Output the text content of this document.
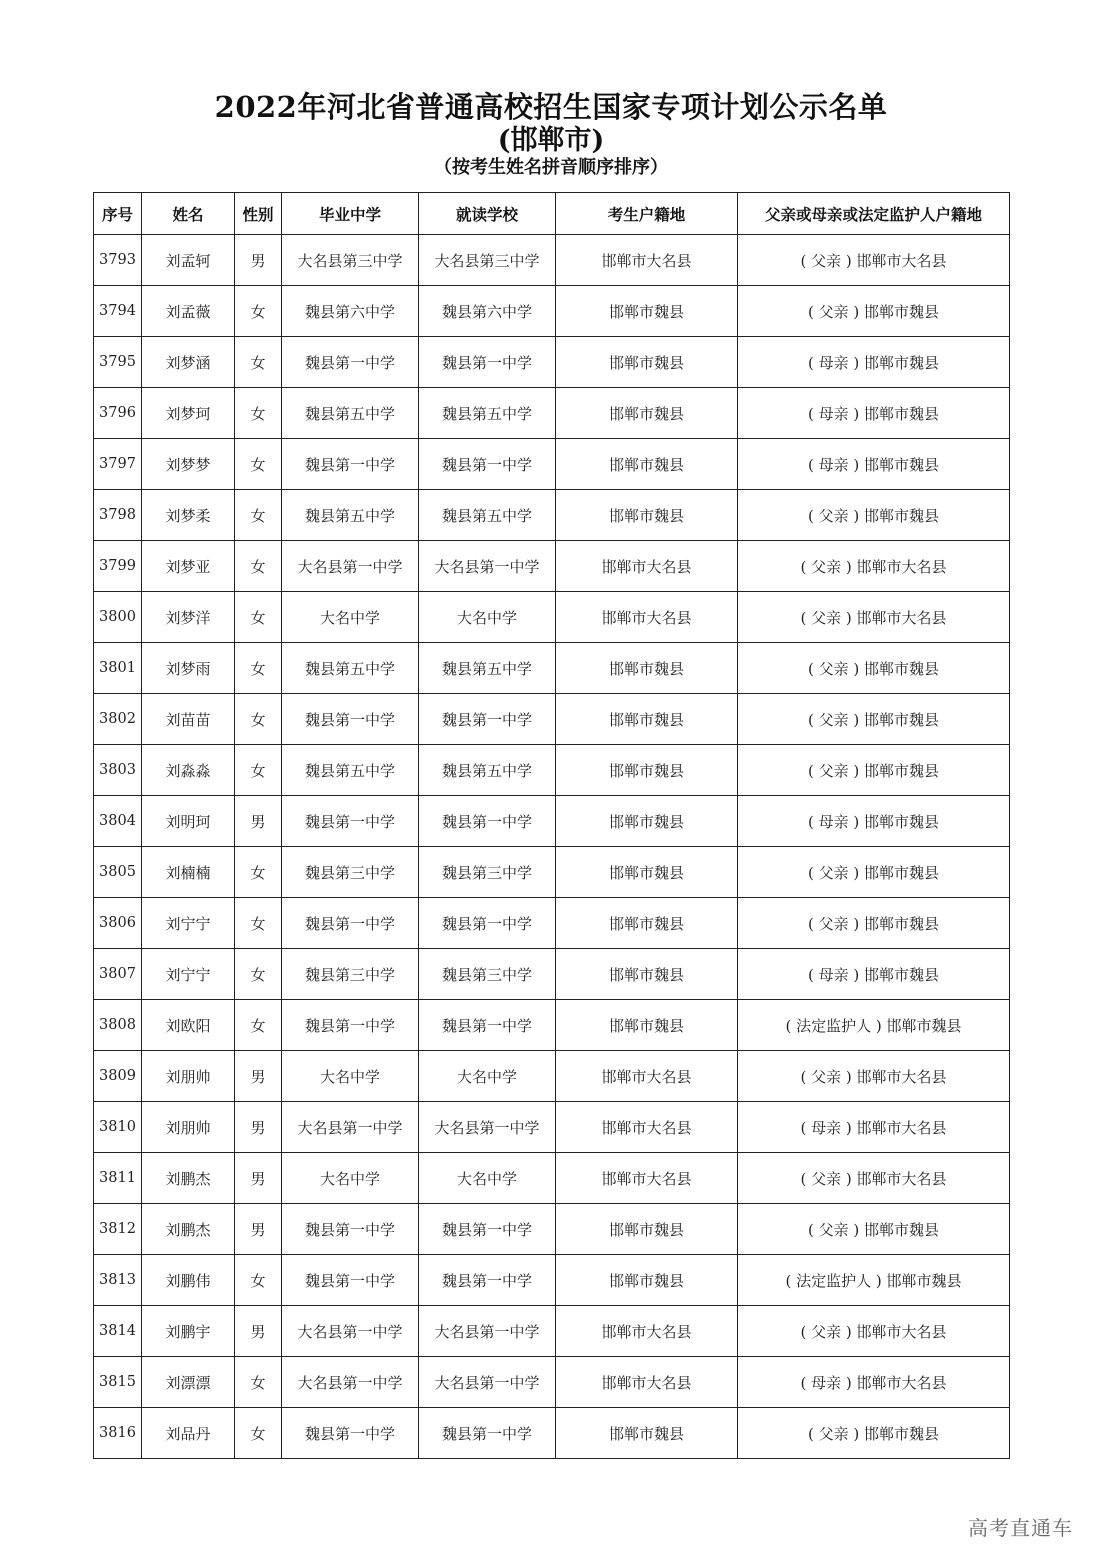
2022年河北省普通高校招生国家专项计划公示名单
(邯郸市)
（按考生姓名拼音顺序排序）
序号	姓名	性别	毕业中学	就读学校	考生户籍地	父亲或母亲或法定监护人户籍地
3793	刘孟轲	男	大名县第三中学	大名县第三中学	邯郸市大名县	( 父亲 ) 邯郸市大名县
3794	刘孟薇	女	魏县第六中学	魏县第六中学	邯郸市魏县	( 父亲 ) 邯郸市魏县
3795	刘梦涵	女	魏县第一中学	魏县第一中学	邯郸市魏县	( 母亲 ) 邯郸市魏县
3796	刘梦珂	女	魏县第五中学	魏县第五中学	邯郸市魏县	( 母亲 ) 邯郸市魏县
3797	刘梦梦	女	魏县第一中学	魏县第一中学	邯郸市魏县	( 母亲 ) 邯郸市魏县
3798	刘梦柔	女	魏县第五中学	魏县第五中学	邯郸市魏县	( 父亲 ) 邯郸市魏县
3799	刘梦亚	女	大名县第一中学	大名县第一中学	邯郸市大名县	( 父亲 ) 邯郸市大名县
3800	刘梦洋	女	大名中学	大名中学	邯郸市大名县	( 父亲 ) 邯郸市大名县
3801	刘梦雨	女	魏县第五中学	魏县第五中学	邯郸市魏县	( 父亲 ) 邯郸市魏县
3802	刘苗苗	女	魏县第一中学	魏县第一中学	邯郸市魏县	( 父亲 ) 邯郸市魏县
3803	刘淼淼	女	魏县第五中学	魏县第五中学	邯郸市魏县	( 父亲 ) 邯郸市魏县
3804	刘明珂	男	魏县第一中学	魏县第一中学	邯郸市魏县	( 母亲 ) 邯郸市魏县
3805	刘楠楠	女	魏县第三中学	魏县第三中学	邯郸市魏县	( 父亲 ) 邯郸市魏县
3806	刘宁宁	女	魏县第一中学	魏县第一中学	邯郸市魏县	( 父亲 ) 邯郸市魏县
3807	刘宁宁	女	魏县第三中学	魏县第三中学	邯郸市魏县	( 母亲 ) 邯郸市魏县
3808	刘欧阳	女	魏县第一中学	魏县第一中学	邯郸市魏县	( 法定监护人 ) 邯郸市魏县
3809	刘朋帅	男	大名中学	大名中学	邯郸市大名县	( 父亲 ) 邯郸市大名县
3810	刘朋帅	男	大名县第一中学	大名县第一中学	邯郸市大名县	( 母亲 ) 邯郸市大名县
3811	刘鹏杰	男	大名中学	大名中学	邯郸市大名县	( 父亲 ) 邯郸市大名县
3812	刘鹏杰	男	魏县第一中学	魏县第一中学	邯郸市魏县	( 父亲 ) 邯郸市魏县
3813	刘鹏伟	女	魏县第一中学	魏县第一中学	邯郸市魏县	( 法定监护人 ) 邯郸市魏县
3814	刘鹏宇	男	大名县第一中学	大名县第一中学	邯郸市大名县	( 父亲 ) 邯郸市大名县
3815	刘漂漂	女	大名县第一中学	大名县第一中学	邯郸市大名县	( 母亲 ) 邯郸市大名县
3816	刘品丹	女	魏县第一中学	魏县第一中学	邯郸市魏县	( 父亲 ) 邯郸市魏县
高考直通车
